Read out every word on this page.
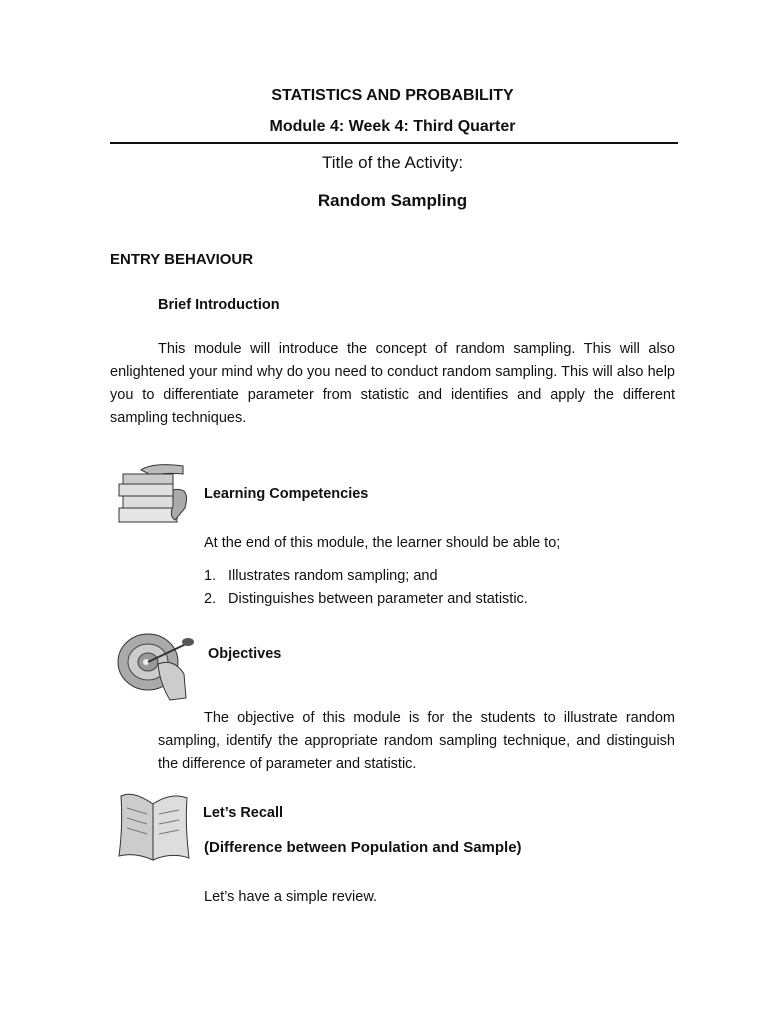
STATISTICS AND PROBABILITY
Module 4: Week 4: Third Quarter
Title of the Activity:
Random Sampling
ENTRY BEHAVIOUR
Brief Introduction
This module will introduce the concept of random sampling. This will also enlightened your mind why do you need to conduct random sampling. This will also help you to differentiate parameter from statistic and identifies and apply the different sampling techniques.
Learning Competencies
At the end of this module, the learner should be able to;
1. Illustrates random sampling; and
2. Distinguishes between parameter and statistic.
Objectives
The objective of this module is for the students to illustrate random sampling, identify the appropriate random sampling technique, and distinguish the difference of parameter and statistic.
Let’s Recall
(Difference between Population and Sample)
Let’s have a simple review.
